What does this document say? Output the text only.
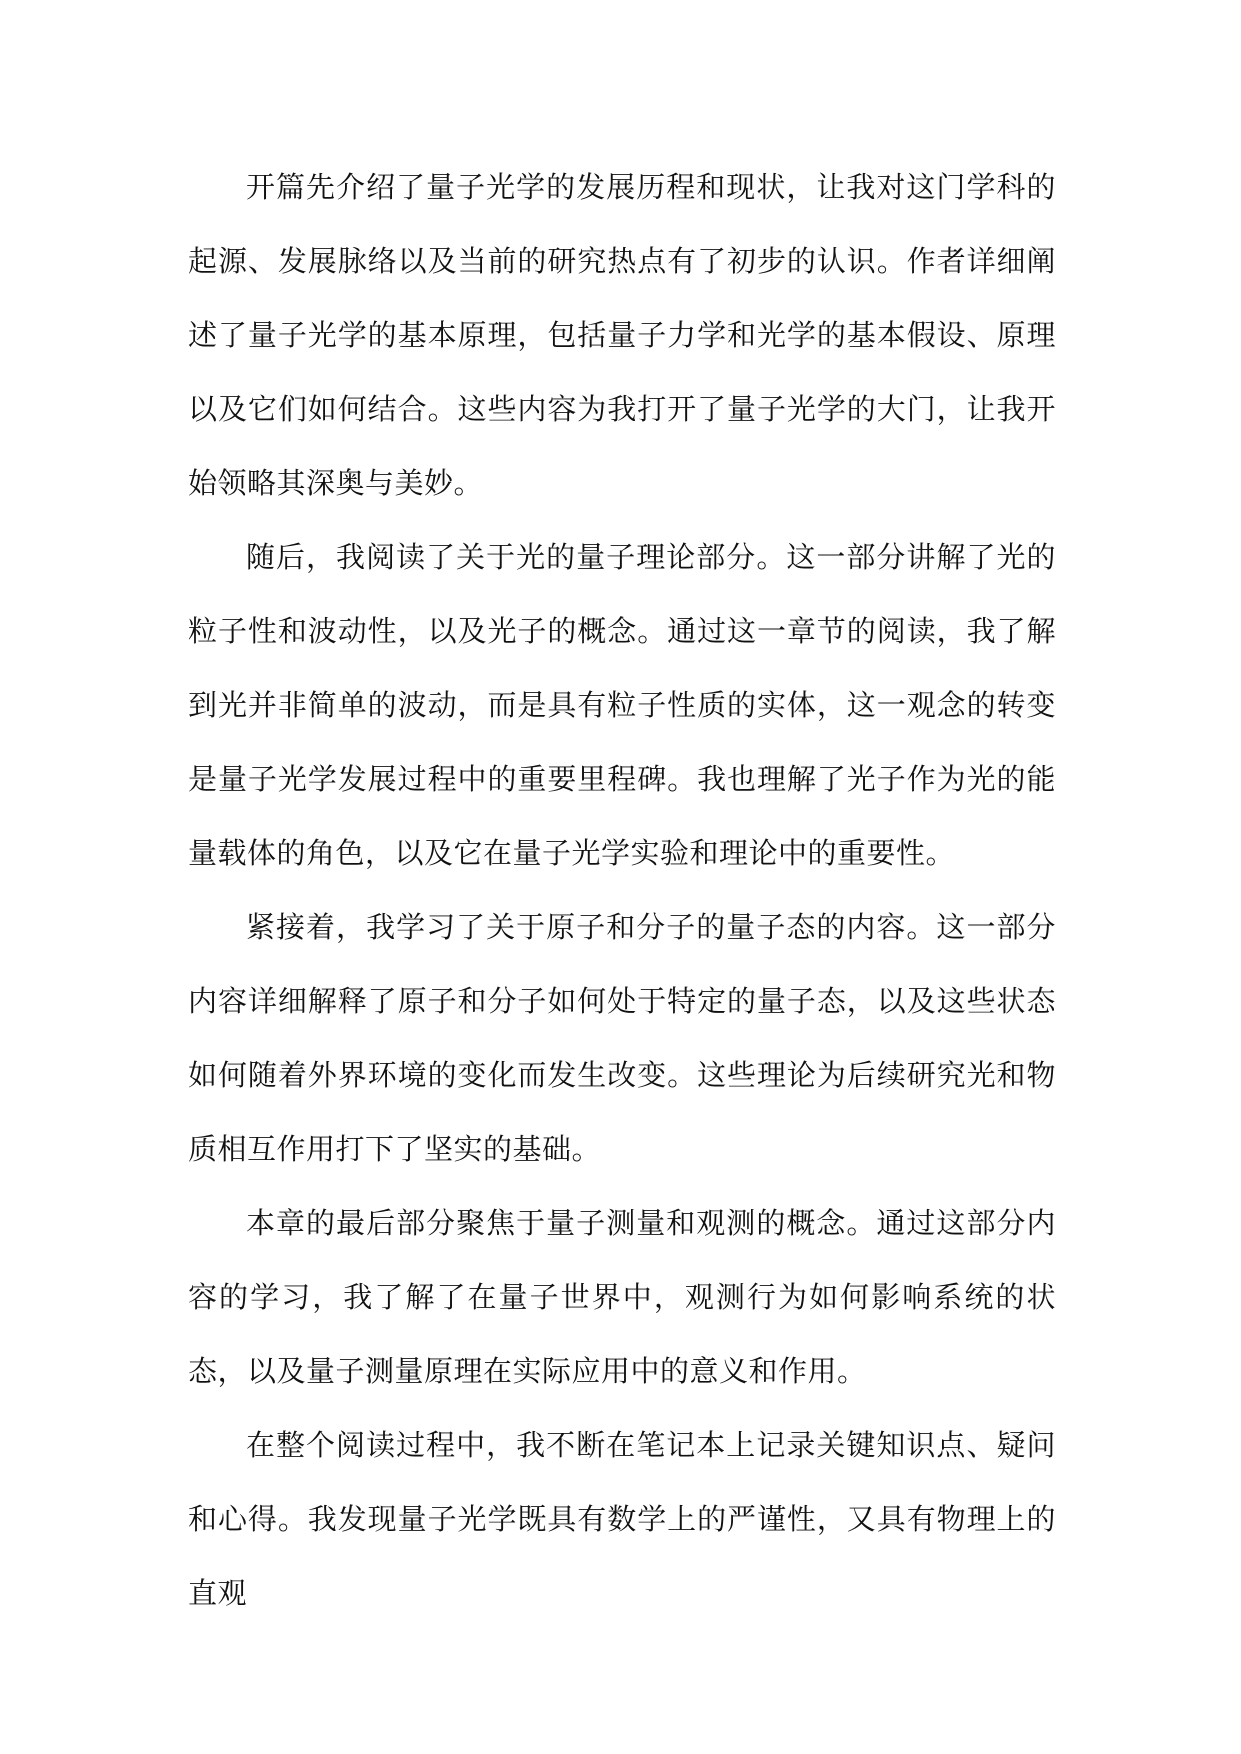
开篇先介绍了量子光学的发展历程和现状，让我对这门学科的起源、发展脉络以及当前的研究热点有了初步的认识。作者详细阐述了量子光学的基本原理，包括量子力学和光学的基本假设、原理以及它们如何结合。这些内容为我打开了量子光学的大门，让我开始领略其深奥与美妙。

随后，我阅读了关于光的量子理论部分。这一部分讲解了光的粒子性和波动性，以及光子的概念。通过这一章节的阅读，我了解到光并非简单的波动，而是具有粒子性质的实体，这一观念的转变是量子光学发展过程中的重要里程碑。我也理解了光子作为光的能量载体的角色，以及它在量子光学实验和理论中的重要性。

紧接着，我学习了关于原子和分子的量子态的内容。这一部分内容详细解释了原子和分子如何处于特定的量子态，以及这些状态如何随着外界环境的变化而发生改变。这些理论为后续研究光和物质相互作用打下了坚实的基础。

本章的最后部分聚焦于量子测量和观测的概念。通过这部分内容的学习，我了解了在量子世界中，观测行为如何影响系统的状态，以及量子测量原理在实际应用中的意义和作用。

在整个阅读过程中，我不断在笔记本上记录关键知识点、疑问和心得。我发现量子光学既具有数学上的严谨性，又具有物理上的直观
